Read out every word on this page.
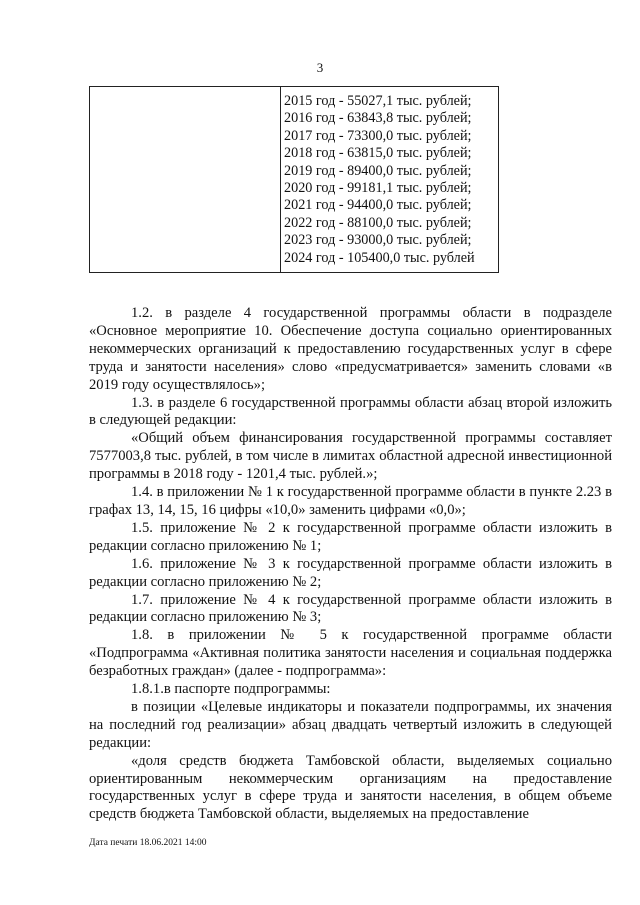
3
2015 год - 55027,1 тыс. рублей;
2016 год - 63843,8 тыс. рублей;
2017 год - 73300,0 тыс. рублей;
2018 год - 63815,0 тыс. рублей;
2019 год - 89400,0 тыс. рублей;
2020 год - 99181,1 тыс. рублей;
2021 год - 94400,0 тыс. рублей;
2022 год - 88100,0 тыс. рублей;
2023 год - 93000,0 тыс. рублей;
2024 год - 105400,0 тыс. рублей

1.2. в разделе 4 государственной программы области в подразделе «Основное мероприятие 10. Обеспечение доступа социально ориентированных некоммерческих организаций к предоставлению государственных услуг в сфере труда и занятости населения» слово «предусматривается» заменить словами «в 2019 году осуществлялось»;

1.3. в разделе 6 государственной программы области абзац второй изложить в следующей редакции:

«Общий объем финансирования государственной программы составляет 7577003,8 тыс. рублей, в том числе в лимитах областной адресной инвестиционной программы в 2018 году - 1201,4 тыс. рублей.»;

1.4. в приложении № 1 к государственной программе области в пункте 2.23 в графах 13, 14, 15, 16 цифры «10,0» заменить цифрами «0,0»;

1.5. приложение № 2 к государственной программе области изложить в редакции согласно приложению № 1;

1.6. приложение № 3 к государственной программе области изложить в редакции согласно приложению № 2;

1.7. приложение № 4 к государственной программе области изложить в редакции согласно приложению № 3;

1.8. в приложении № 5 к государственной программе области «Подпрограмма «Активная политика занятости населения и социальная поддержка безработных граждан» (далее - подпрограмма»:

1.8.1.в паспорте подпрограммы:

в позиции «Целевые индикаторы и показатели подпрограммы, их значения на последний год реализации» абзац двадцать четвертый изложить в следующей редакции:

«доля средств бюджета Тамбовской области, выделяемых социально ориентированным некоммерческим организациям на предоставление государственных услуг в сфере труда и занятости населения, в общем объеме средств бюджета Тамбовской области, выделяемых на предоставление

Дата печати 18.06.2021 14:00
